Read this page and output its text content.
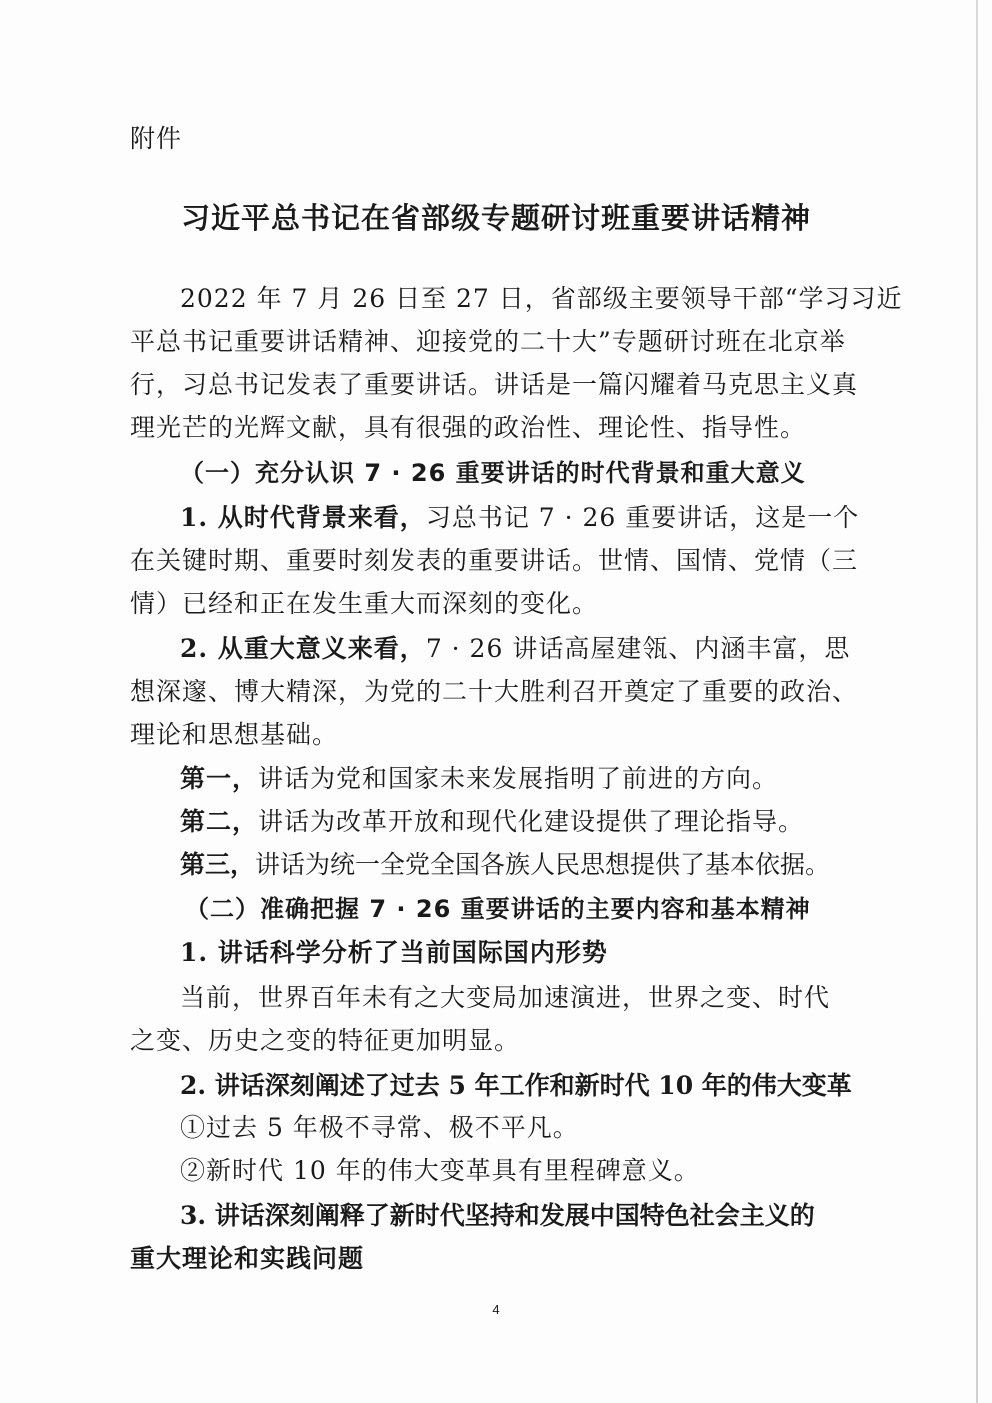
附件
习近平总书记在省部级专题研讨班重要讲话精神
2022 年 7 月 26 日至 27 日，省部级主要领导干部“学习习近
平总书记重要讲话精神、迎接党的二十大”专题研讨班在北京举
行，习总书记发表了重要讲话。讲话是一篇闪耀着马克思主义真
理光芒的光辉文献，具有很强的政治性、理论性、指导性。
（一）充分认识 7 · 26 重要讲话的时代背景和重大意义
1. 从时代背景来看，习总书记 7 · 26 重要讲话，这是一个
在关键时期、重要时刻发表的重要讲话。世情、国情、党情（三
情）已经和正在发生重大而深刻的变化。
2. 从重大意义来看，7 · 26 讲话高屋建瓴、内涵丰富，思
想深邃、博大精深，为党的二十大胜利召开奠定了重要的政治、
理论和思想基础。
第一，讲话为党和国家未来发展指明了前进的方向。
第二，讲话为改革开放和现代化建设提供了理论指导。
第三，讲话为统一全党全国各族人民思想提供了基本依据。
（二）准确把握 7 · 26 重要讲话的主要内容和基本精神
1. 讲话科学分析了当前国际国内形势
当前，世界百年未有之大变局加速演进，世界之变、时代
之变、历史之变的特征更加明显。
2. 讲话深刻阐述了过去 5 年工作和新时代 10 年的伟大变革
①过去 5 年极不寻常、极不平凡。
②新时代 10 年的伟大变革具有里程碑意义。
3. 讲话深刻阐释了新时代坚持和发展中国特色社会主义的
重大理论和实践问题
4
